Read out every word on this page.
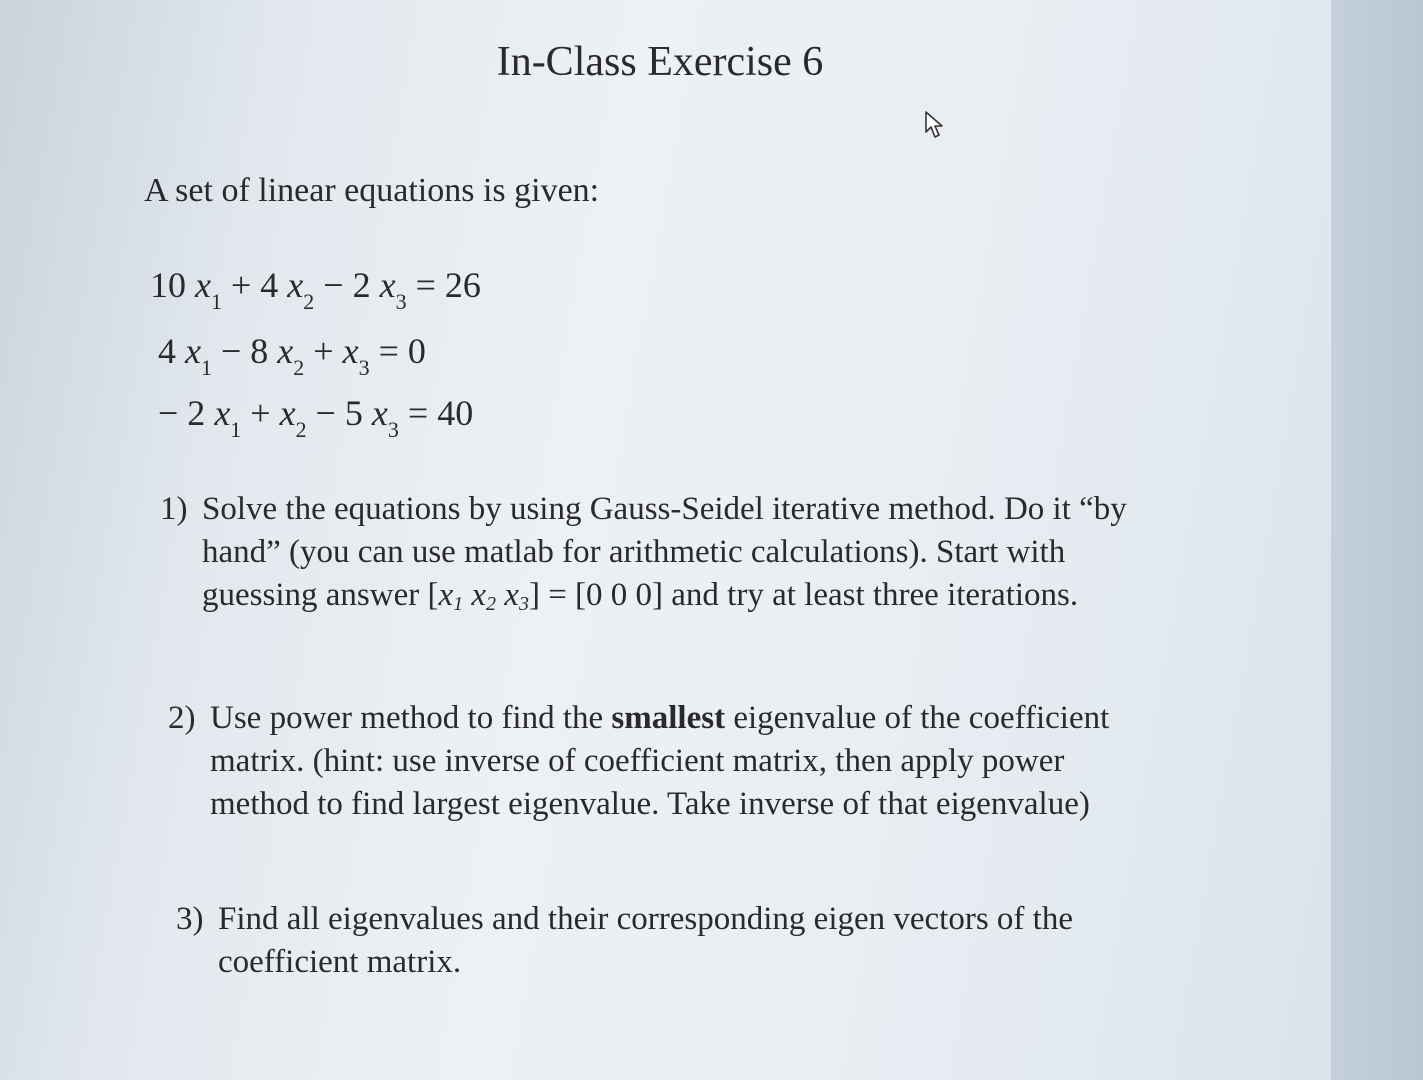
In-Class Exercise 6
A set of linear equations is given:
10 $x_1 + 4$ $x_2 - 2$ $x_3 = 26$
4 $x_1 - 8$ $x_2 + x_3 = 0$
− 2 $x_1 + x_2 - 5$ $x_3 = 40$
1) Solve the equations by using Gauss-Seidel iterative method. Do it “by hand” (you can use matlab for arithmetic calculations). Start with guessing answer [$x_1$ $x_2$ $x_3] = [0$ 0 0] and try at least three iterations.
2) Use power method to find the smallest eigenvalue of the coefficient matrix. (hint: use inverse of coefficient matrix, then apply power method to find largest eigenvalue. Take inverse of that eigenvalue)
3) Find all eigenvalues and their corresponding eigen vectors of the coefficient matrix.
